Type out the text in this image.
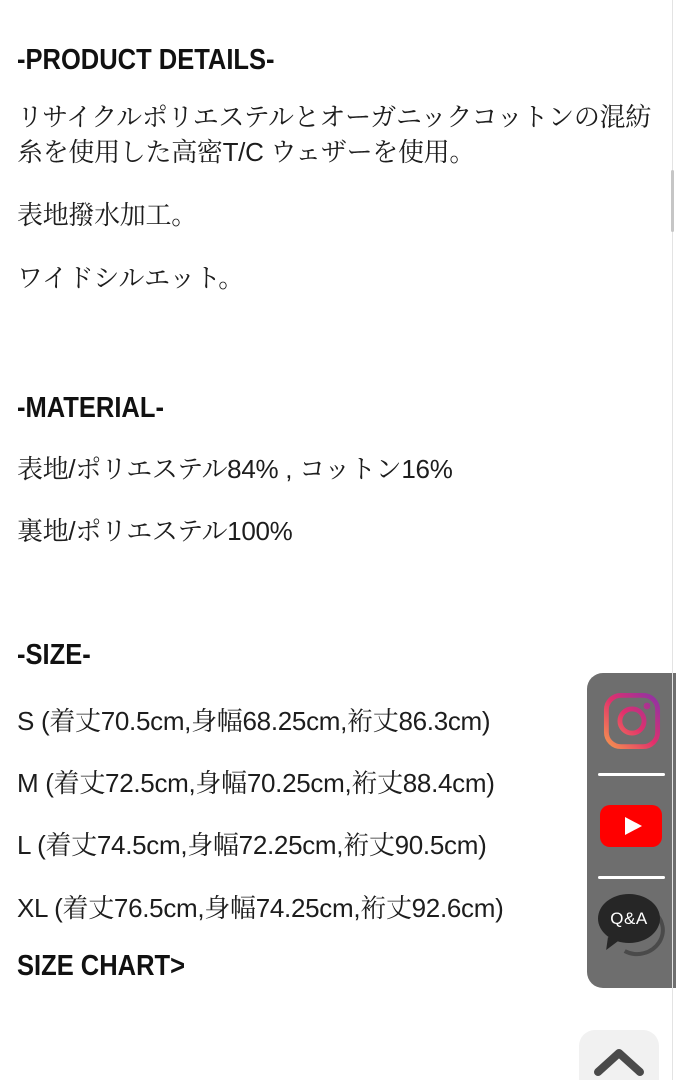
-PRODUCT DETAILS-

リサイクルポリエステルとオーガニックコットンの混紡糸を使用した高密T/C ウェザーを使用。

表地撥水加工。

ワイドシルエット。

-MATERIAL-

表地/ポリエステル84% , コットン16%

裏地/ポリエステル100%

-SIZE-

S (着丈70.5cm,身幅68.25cm,裄丈86.3cm)

M (着丈72.5cm,身幅70.25cm,裄丈88.4cm)

L (着丈74.5cm,身幅72.25cm,裄丈90.5cm)

XL (着丈76.5cm,身幅74.25cm,裄丈92.6cm)

SIZE CHART>
Q&A
